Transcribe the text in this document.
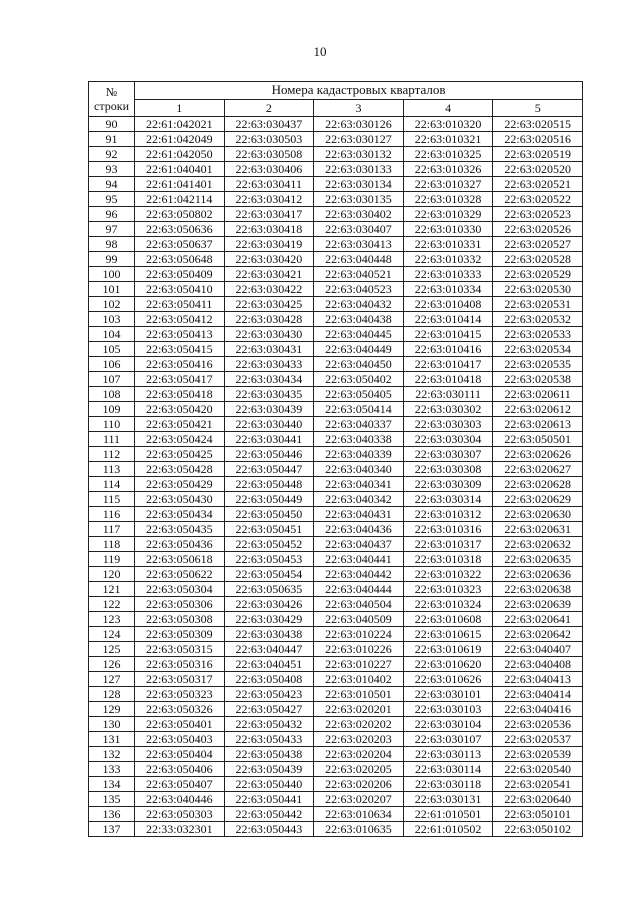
10
№
строки	Номера кадастровых кварталов				
	1	2	3	4	5
90	22:61:042021	22:63:030437	22:63:030126	22:63:010320	22:63:020515
91	22:61:042049	22:63:030503	22:63:030127	22:63:010321	22:63:020516
92	22:61:042050	22:63:030508	22:63:030132	22:63:010325	22:63:020519
93	22:61:040401	22:63:030406	22:63:030133	22:63:010326	22:63:020520
94	22:61:041401	22:63:030411	22:63:030134	22:63:010327	22:63:020521
95	22:61:042114	22:63:030412	22:63:030135	22:63:010328	22:63:020522
96	22:63:050802	22:63:030417	22:63:030402	22:63:010329	22:63:020523
97	22:63:050636	22:63:030418	22:63:030407	22:63:010330	22:63:020526
98	22:63:050637	22:63:030419	22:63:030413	22:63:010331	22:63:020527
99	22:63:050648	22:63:030420	22:63:040448	22:63:010332	22:63:020528
100	22:63:050409	22:63:030421	22:63:040521	22:63:010333	22:63:020529
101	22:63:050410	22:63:030422	22:63:040523	22:63:010334	22:63:020530
102	22:63:050411	22:63:030425	22:63:040432	22:63:010408	22:63:020531
103	22:63:050412	22:63:030428	22:63:040438	22:63:010414	22:63:020532
104	22:63:050413	22:63:030430	22:63:040445	22:63:010415	22:63:020533
105	22:63:050415	22:63:030431	22:63:040449	22:63:010416	22:63:020534
106	22:63:050416	22:63:030433	22:63:040450	22:63:010417	22:63:020535
107	22:63:050417	22:63:030434	22:63:050402	22:63:010418	22:63:020538
108	22:63:050418	22:63:030435	22:63:050405	22:63:030111	22:63:020611
109	22:63:050420	22:63:030439	22:63:050414	22:63:030302	22:63:020612
110	22:63:050421	22:63:030440	22:63:040337	22:63:030303	22:63:020613
111	22:63:050424	22:63:030441	22:63:040338	22:63:030304	22:63:050501
112	22:63:050425	22:63:050446	22:63:040339	22:63:030307	22:63:020626
113	22:63:050428	22:63:050447	22:63:040340	22:63:030308	22:63:020627
114	22:63:050429	22:63:050448	22:63:040341	22:63:030309	22:63:020628
115	22:63:050430	22:63:050449	22:63:040342	22:63:030314	22:63:020629
116	22:63:050434	22:63:050450	22:63:040431	22:63:010312	22:63:020630
117	22:63:050435	22:63:050451	22:63:040436	22:63:010316	22:63:020631
118	22:63:050436	22:63:050452	22:63:040437	22:63:010317	22:63:020632
119	22:63:050618	22:63:050453	22:63:040441	22:63:010318	22:63:020635
120	22:63:050622	22:63:050454	22:63:040442	22:63:010322	22:63:020636
121	22:63:050304	22:63:050635	22:63:040444	22:63:010323	22:63:020638
122	22:63:050306	22:63:030426	22:63:040504	22:63:010324	22:63:020639
123	22:63:050308	22:63:030429	22:63:040509	22:63:010608	22:63:020641
124	22:63:050309	22:63:030438	22:63:010224	22:63:010615	22:63:020642
125	22:63:050315	22:63:040447	22:63:010226	22:63:010619	22:63:040407
126	22:63:050316	22:63:040451	22:63:010227	22:63:010620	22:63:040408
127	22:63:050317	22:63:050408	22:63:010402	22:63:010626	22:63:040413
128	22:63:050323	22:63:050423	22:63:010501	22:63:030101	22:63:040414
129	22:63:050326	22:63:050427	22:63:020201	22:63:030103	22:63:040416
130	22:63:050401	22:63:050432	22:63:020202	22:63:030104	22:63:020536
131	22:63:050403	22:63:050433	22:63:020203	22:63:030107	22:63:020537
132	22:63:050404	22:63:050438	22:63:020204	22:63:030113	22:63:020539
133	22:63:050406	22:63:050439	22:63:020205	22:63:030114	22:63:020540
134	22:63:050407	22:63:050440	22:63:020206	22:63:030118	22:63:020541
135	22:63:040446	22:63:050441	22:63:020207	22:63:030131	22:63:020640
136	22:63:050303	22:63:050442	22:63:010634	22:61:010501	22:63:050101
137	22:33:032301	22:63:050443	22:63:010635	22:61:010502	22:63:050102
